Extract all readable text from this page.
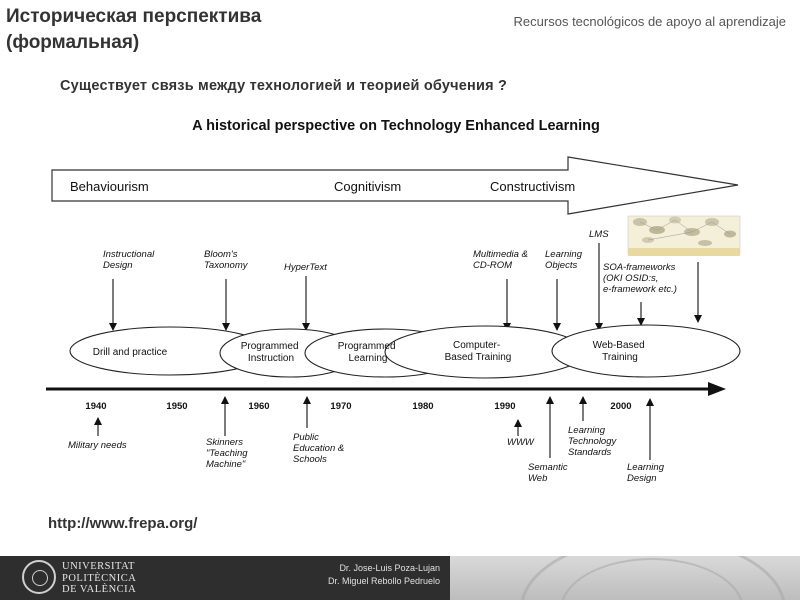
Историческая перспектива
(формальная)
Recursos tecnológicos de apoyo al aprendizaje
Существует связь между технологией и теорией обучения ?
A historical perspective on Technology Enhanced Learning
Behaviourism	Cognitivism	Constructivism
Instructional Design
Bloom's Taxonomy	HyperText
Multimedia & CD-ROM
Learning Objects
LMS
SOA-frameworks (OKI OSID:s, e-framework etc.)
Drill and practice
Programmed Instruction
Programmed Learning
Computer- Based Training
Web-Based Training
1940	1950	1960	1970	1980	1990	2000
Military needs	Skinners "Teaching Machine"
Public Education & Schools
WWW
Semantic Web
Learning Technology Standards
Learning Design
http://www.frepa.org/
UNIVERSITAT
POLITÈCNICA
DE VALÈNCIA
Dr. Jose-Luis Poza-Lujan
Dr. Miguel Rebollo Pedruelo
